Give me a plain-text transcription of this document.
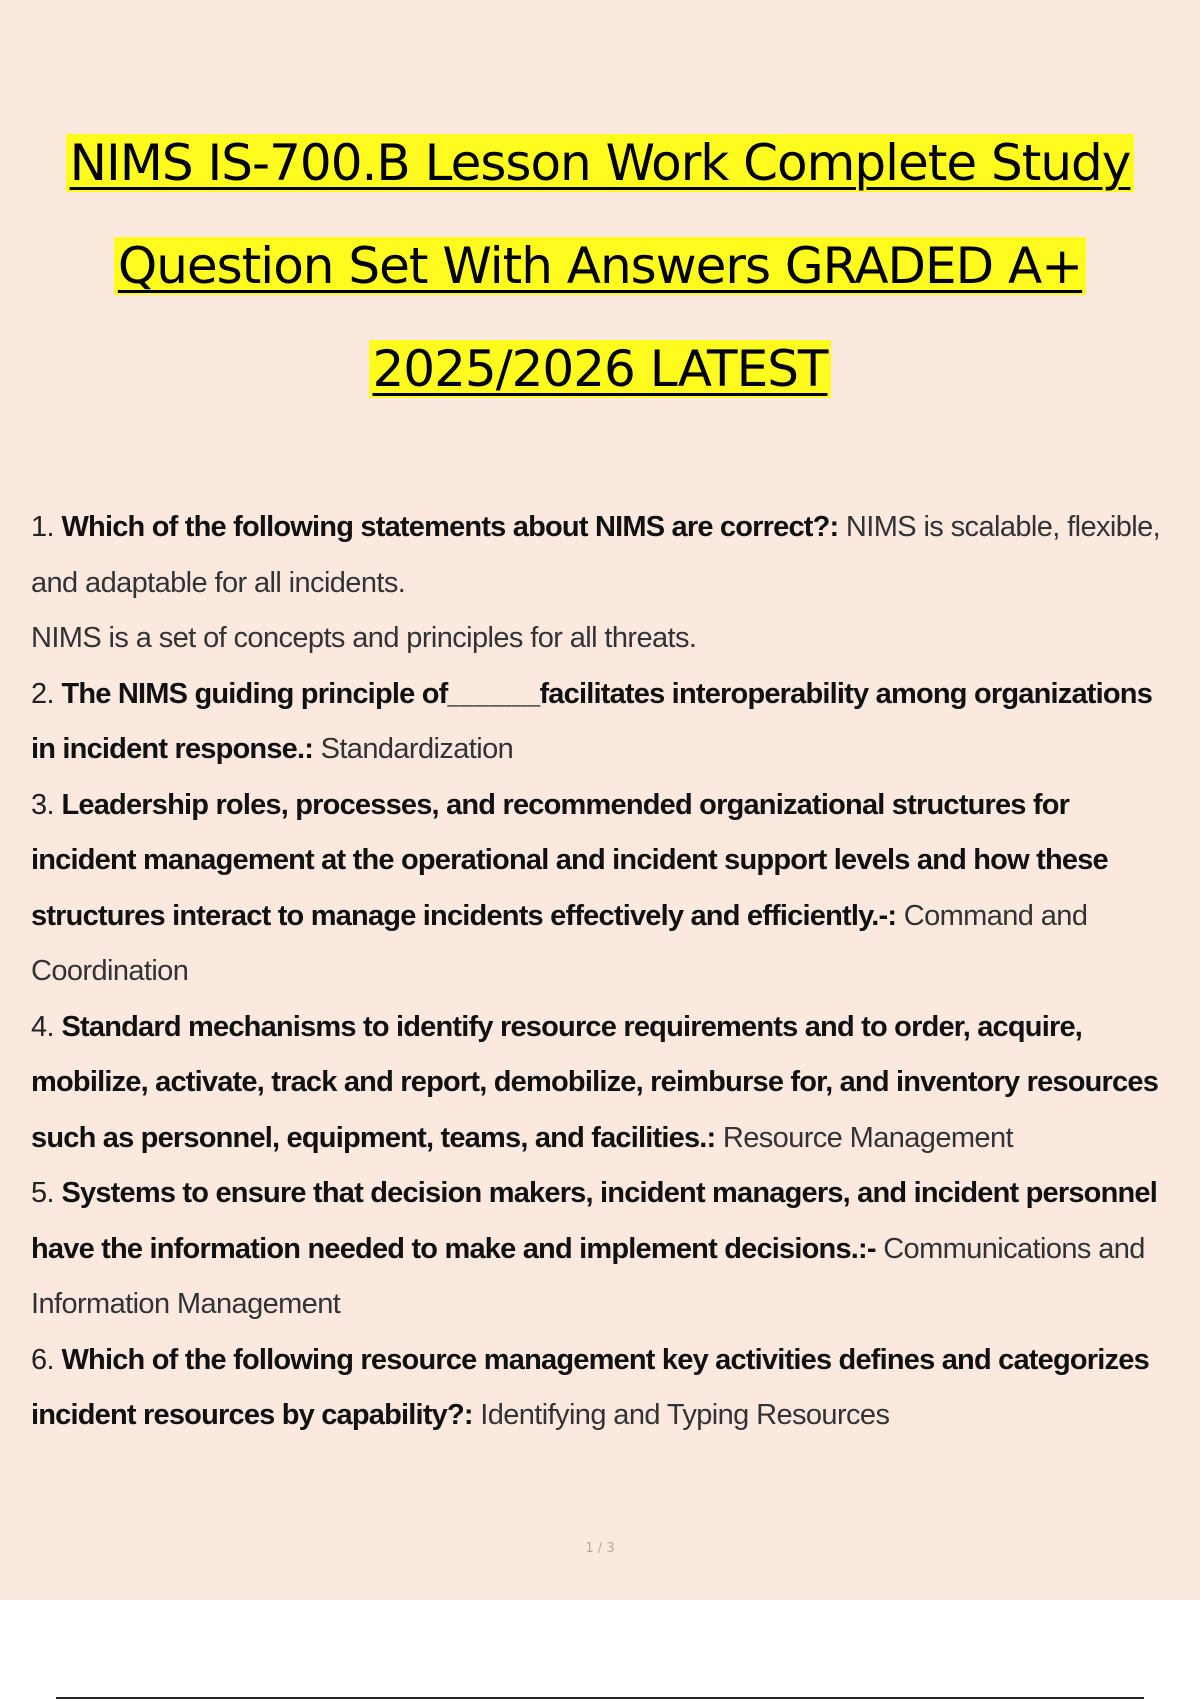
NIMS IS-700.B Lesson Work Complete Study
Question Set With Answers GRADED A+
2025/2026 LATEST

1. Which of the following statements about NIMS are correct?: NIMS is scalable, flexible, and adaptable for all incidents.
NIMS is a set of concepts and principles for all threats.

2. The NIMS guiding principle of______facilitates interoperability among organizations in incident response.: Standardization

3. Leadership roles, processes, and recommended organizational structures for incident management at the operational and incident support levels and how these structures interact to manage incidents effectively and efficiently.-: Command and Coordination

4. Standard mechanisms to identify resource requirements and to order, acquire, mobilize, activate, track and report, demobilize, reimburse for, and inventory resources such as personnel, equipment, teams, and facilities.: Resource Management

5. Systems to ensure that decision makers, incident managers, and incident personnel have the information needed to make and implement decisions.:- Communications and Information Management

6. Which of the following resource management key activities defines and categorizes incident resources by capability?: Identifying and Typing Resources

1 / 3
